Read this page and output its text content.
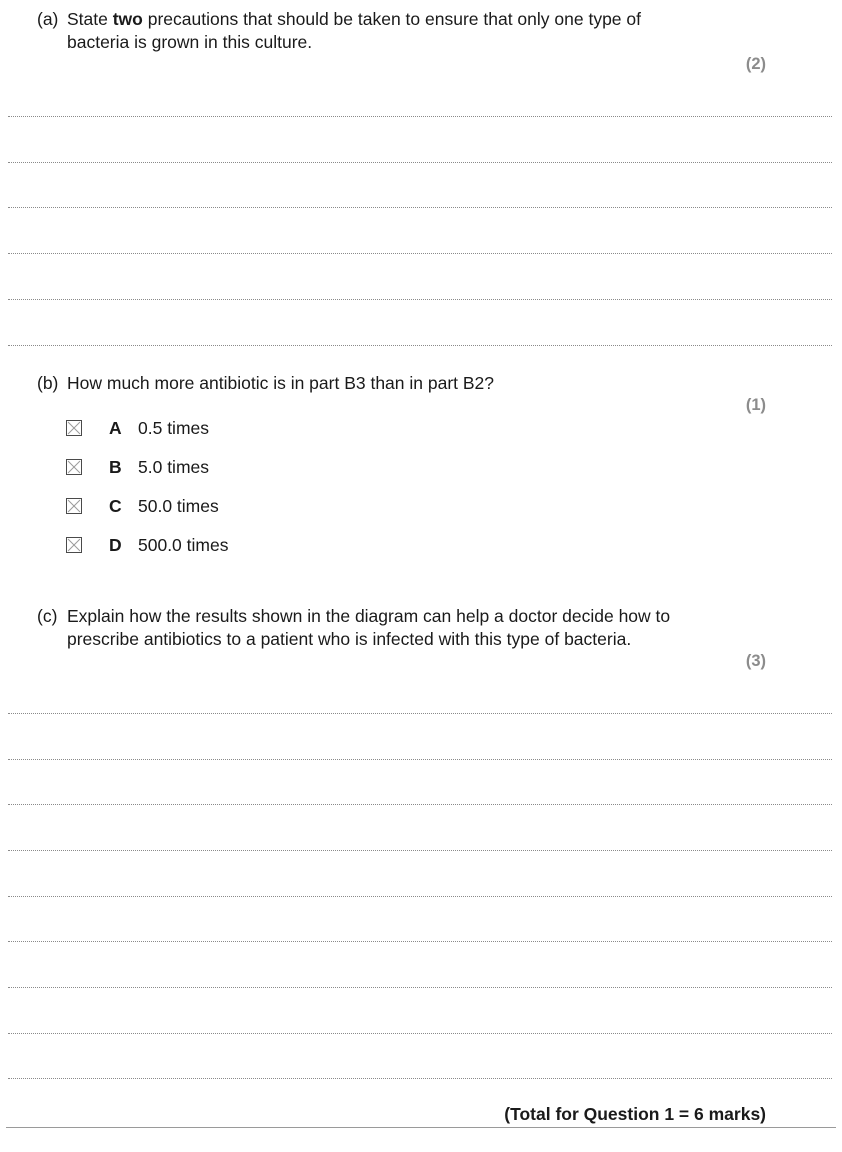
(a) State two precautions that should be taken to ensure that only one type of
bacteria is grown in this culture.
(2)
(b) How much more antibiotic is in part B3 than in part B2?
(1)
A 0.5 times
B 5.0 times
C 50.0 times
D 500.0 times
(c) Explain how the results shown in the diagram can help a doctor decide how to
prescribe antibiotics to a patient who is infected with this type of bacteria.
(3)
(Total for Question 1 = 6 marks)
